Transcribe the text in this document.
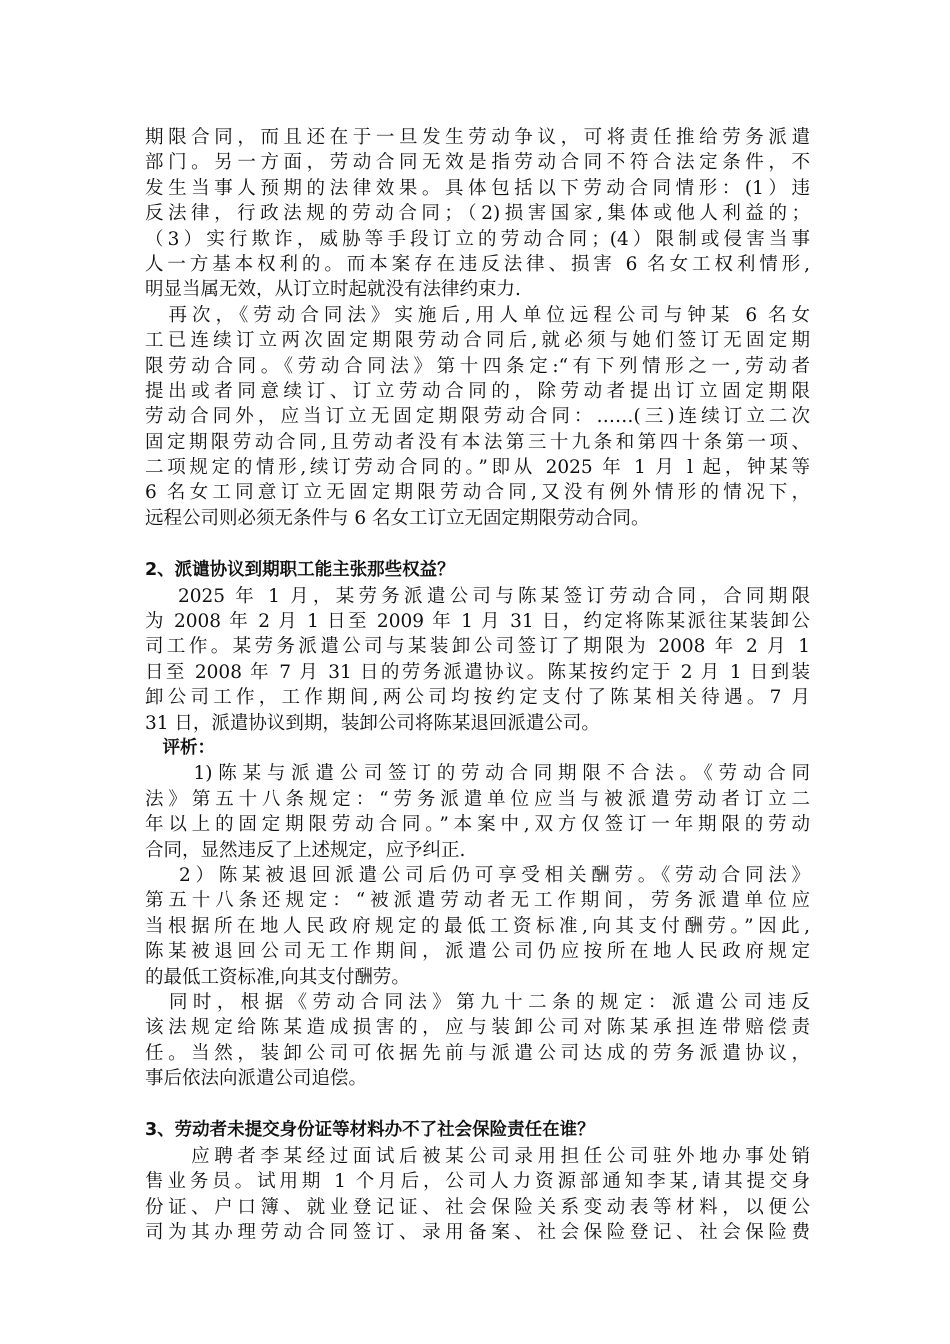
期限合同，而且还在于一旦发生劳动争议，可将责任推给劳务派遣
部门。另一方面，劳动合同无效是指劳动合同不符合法定条件，不
发生当事人预期的法律效果。具体包括以下劳动合同情形：(1）违
反法律，行政法规的劳动合同；（2)损害国家,集体或他人利益的；
（3）实行欺诈，威胁等手段订立的劳动合同；(4）限制或侵害当事
人一方基本权利的。而本案存在违反法律、损害 6 名女工权利情形,
明显当属无效，从订立时起就没有法律约束力.
　再次，《劳动合同法》实施后,用人单位远程公司与钟某 6 名女
工已连续订立两次固定期限劳动合同后,就必须与她们签订无固定期
限劳动合同。《劳动合同法》第十四条定:“有下列情形之一,劳动者
提出或者同意续订、订立劳动合同的，除劳动者提出订立固定期限
劳动合同外，应当订立无固定期限劳动合同：……(三)连续订立二次
固定期限劳动合同,且劳动者没有本法第三十九条和第四十条第一项、
二项规定的情形,续订劳动合同的。”即从 2025 年 1 月 l 起，钟某等
6 名女工同意订立无固定期限劳动合同,又没有例外情形的情况下，
远程公司则必须无条件与 6 名女工订立无固定期限劳动合同。
2、派谴协议到期职工能主张那些权益？
　 2025 年 1 月，某劳务派遣公司与陈某签订劳动合同，合同期限
为 2008 年 2 月 1 日至 2009 年 1 月 31 日，约定将陈某派往某装卸公
司工作。某劳务派遣公司与某装卸公司签订了期限为 2008 年 2 月 1
日至 2008 年 7 月 31 日的劳务派遣协议。陈某按约定于 2 月 1 日到装
卸公司工作，工作期间,两公司均按约定支付了陈某相关待遇。7 月
31 日，派遣协议到期，装卸公司将陈某退回派遣公司。
　评析：
　　1)陈某与派遣公司签订的劳动合同期限不合法。《劳动合同
法》第五十八条规定：“劳务派遣单位应当与被派遣劳动者订立二
年以上的固定期限劳动合同。”本案中,双方仅签订一年期限的劳动
合同，显然违反了上述规定，应予纠正.
　 2）陈某被退回派遣公司后仍可享受相关酬劳。《劳动合同法》
第五十八条还规定：“被派遣劳动者无工作期间，劳务派遣单位应
当根据所在地人民政府规定的最低工资标准,向其支付酬劳。”因此,
陈某被退回公司无工作期间，派遣公司仍应按所在地人民政府规定
的最低工资标准,向其支付酬劳。
　同时，根据《劳动合同法》第九十二条的规定：派遣公司违反
该法规定给陈某造成损害的，应与装卸公司对陈某承担连带赔偿责
任。当然，装卸公司可依据先前与派遣公司达成的劳务派遣协议，
事后依法向派遣公司追偿。
3、劳动者未提交身份证等材料办不了社会保险责任在谁？
　　应聘者李某经过面试后被某公司录用担任公司驻外地办事处销
售业务员。试用期 1 个月后，公司人力资源部通知李某,请其提交身
份证、户口簿、就业登记证、社会保险关系变动表等材料，以便公
司为其办理劳动合同签订、录用备案、社会保险登记、社会保险费
